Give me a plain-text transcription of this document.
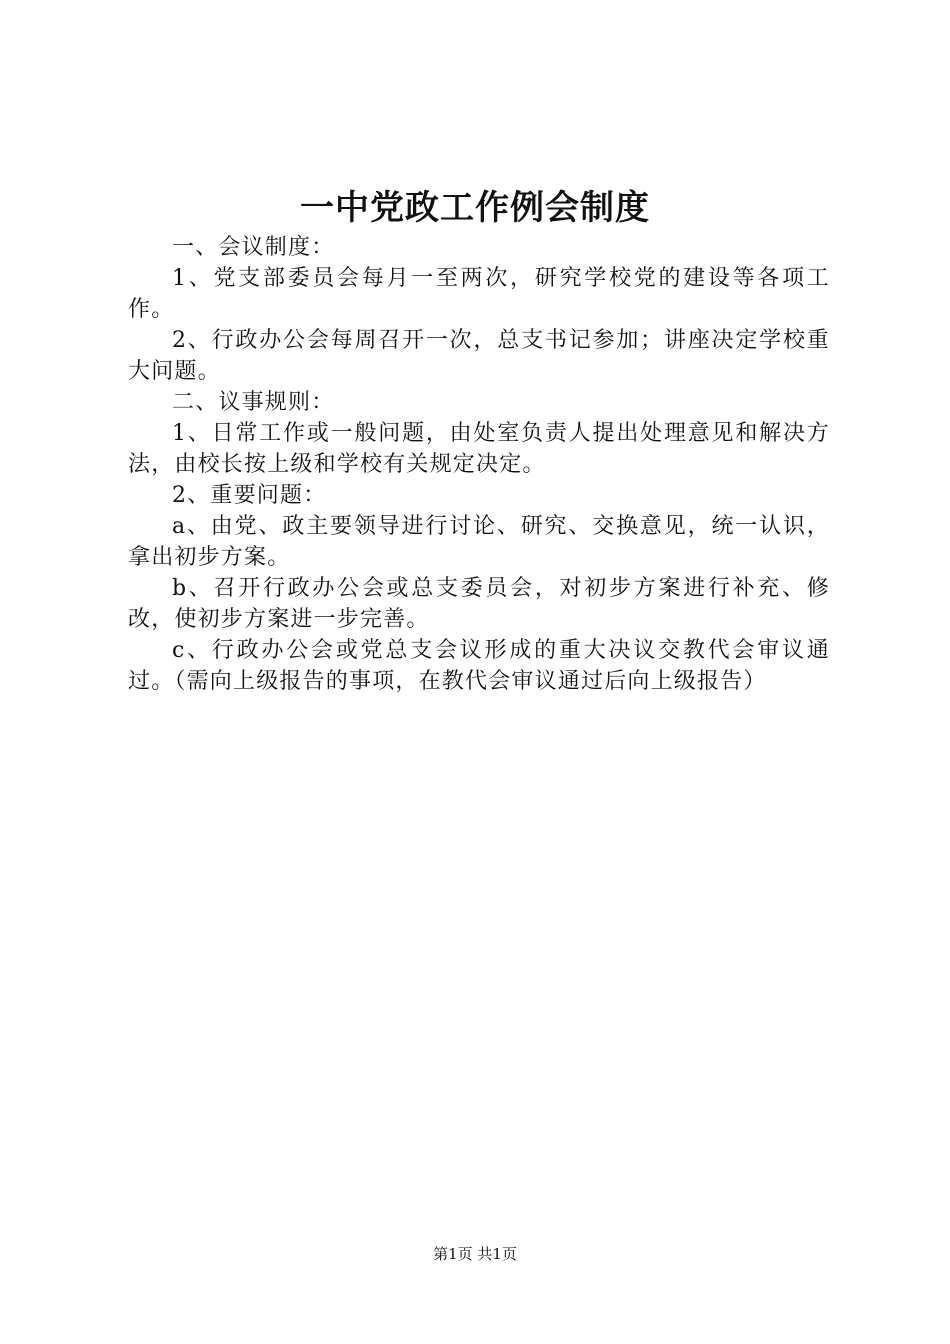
一中党政工作例会制度

一、会议制度：

1、党支部委员会每月一至两次，研究学校党的建设等各项工作。

2、行政办公会每周召开一次，总支书记参加；讲座决定学校重大问题。

二、议事规则：

1、日常工作或一般问题，由处室负责人提出处理意见和解决方法，由校长按上级和学校有关规定决定。

2、重要问题：

a、由党、政主要领导进行讨论、研究、交换意见，统一认识，拿出初步方案。

b、召开行政办公会或总支委员会，对初步方案进行补充、修改，使初步方案进一步完善。

c、行政办公会或党总支会议形成的重大决议交教代会审议通过。（需向上级报告的事项，在教代会审议通过后向上级报告）

第1页 共1页
